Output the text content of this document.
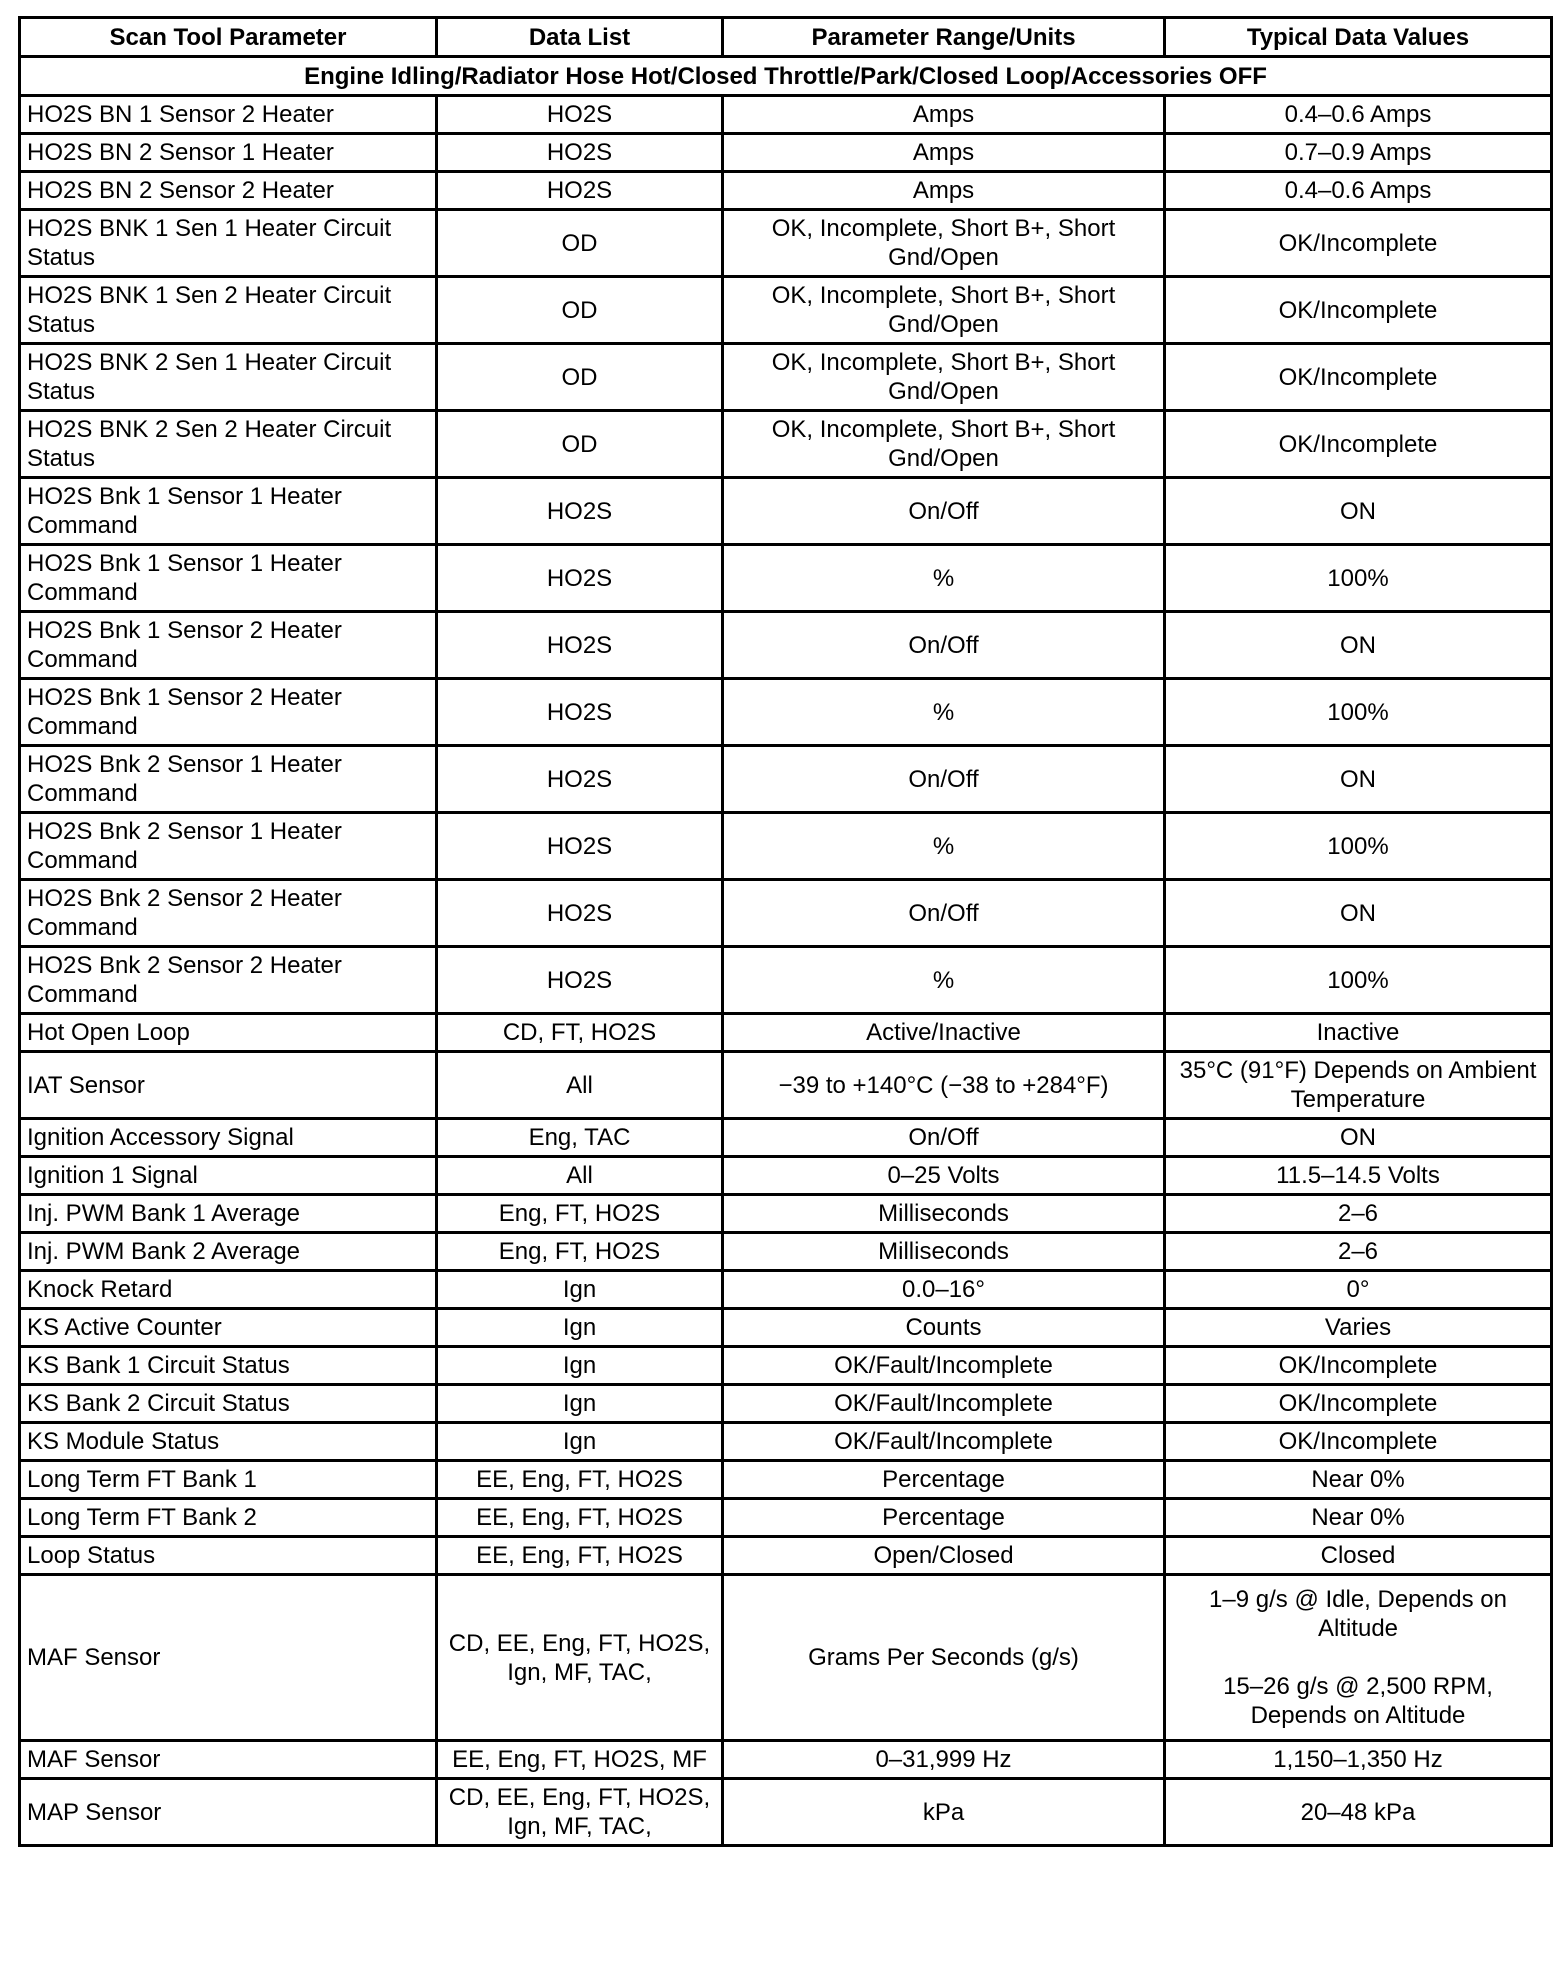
Scan Tool Parameter	Data List	Parameter Range/Units	Typical Data Values
Engine Idling/Radiator Hose Hot/Closed Throttle/Park/Closed Loop/Accessories OFF			
HO2S BN 1 Sensor 2 Heater	HO2S	Amps	0.4–0.6 Amps
HO2S BN 2 Sensor 1 Heater	HO2S	Amps	0.7–0.9 Amps
HO2S BN 2 Sensor 2 Heater	HO2S	Amps	0.4–0.6 Amps
HO2S BNK 1 Sen 1 Heater Circuit Status	OD	OK, Incomplete, Short B+, Short Gnd/Open	OK/Incomplete
HO2S BNK 1 Sen 2 Heater Circuit Status	OD	OK, Incomplete, Short B+, Short Gnd/Open	OK/Incomplete
HO2S BNK 2 Sen 1 Heater Circuit Status	OD	OK, Incomplete, Short B+, Short Gnd/Open	OK/Incomplete
HO2S BNK 2 Sen 2 Heater Circuit Status	OD	OK, Incomplete, Short B+, Short Gnd/Open	OK/Incomplete
HO2S Bnk 1 Sensor 1 Heater Command	HO2S	On/Off	ON
HO2S Bnk 1 Sensor 1 Heater Command	HO2S	%	100%
HO2S Bnk 1 Sensor 2 Heater Command	HO2S	On/Off	ON
HO2S Bnk 1 Sensor 2 Heater Command	HO2S	%	100%
HO2S Bnk 2 Sensor 1 Heater Command	HO2S	On/Off	ON
HO2S Bnk 2 Sensor 1 Heater Command	HO2S	%	100%
HO2S Bnk 2 Sensor 2 Heater Command	HO2S	On/Off	ON
HO2S Bnk 2 Sensor 2 Heater Command	HO2S	%	100%
Hot Open Loop	CD, FT, HO2S	Active/Inactive	Inactive
IAT Sensor	All	−39 to +140°C (−38 to +284°F)	35°C (91°F) Depends on Ambient Temperature
Ignition Accessory Signal	Eng, TAC	On/Off	ON
Ignition 1 Signal	All	0–25 Volts	11.5–14.5 Volts
Inj. PWM Bank 1 Average	Eng, FT, HO2S	Milliseconds	2–6
Inj. PWM Bank 2 Average	Eng, FT, HO2S	Milliseconds	2–6
Knock Retard	Ign	0.0–16°	0°
KS Active Counter	Ign	Counts	Varies
KS Bank 1 Circuit Status	Ign	OK/Fault/Incomplete	OK/Incomplete
KS Bank 2 Circuit Status	Ign	OK/Fault/Incomplete	OK/Incomplete
KS Module Status	Ign	OK/Fault/Incomplete	OK/Incomplete
Long Term FT Bank 1	EE, Eng, FT, HO2S	Percentage	Near 0%
Long Term FT Bank 2	EE, Eng, FT, HO2S	Percentage	Near 0%
Loop Status	EE, Eng, FT, HO2S	Open/Closed	Closed
MAF Sensor	CD, EE, Eng, FT, HO2S, Ign, MF, TAC,	Grams Per Seconds (g/s)	1–9 g/s @ Idle, Depends on Altitude
15–26 g/s @ 2,500 RPM, Depends on Altitude
MAF Sensor	EE, Eng, FT, HO2S, MF	0–31,999 Hz	1,150–1,350 Hz
MAP Sensor	CD, EE, Eng, FT, HO2S, Ign, MF, TAC,	kPa	20–48 kPa
